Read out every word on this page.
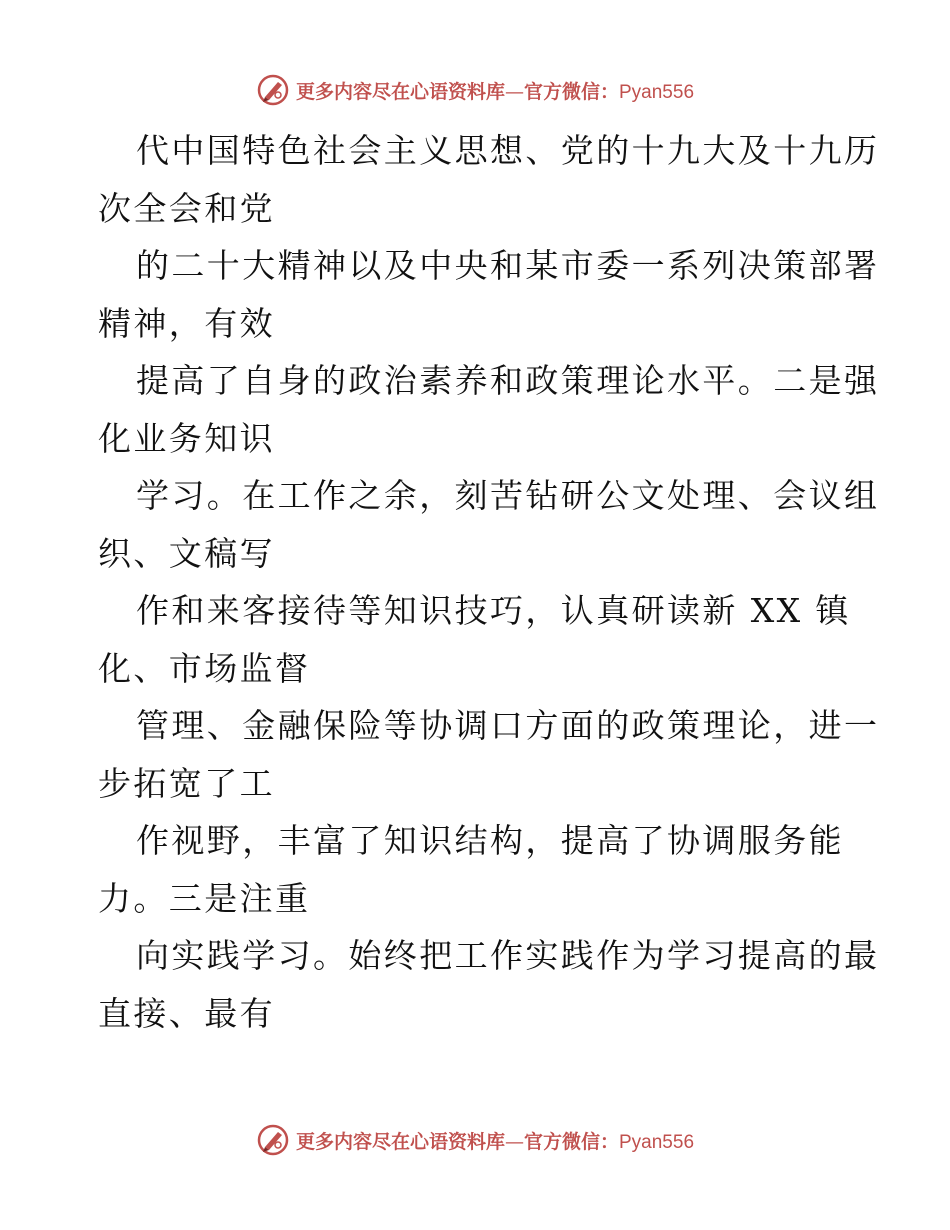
更多内容尽在心语资料库—官方微信：Pyan556
代中国特色社会主义思想、党的十九大及十九历
次全会和党
的二十大精神以及中央和某市委一系列决策部署
精神，有效
提高了自身的政治素养和政策理论水平。二是强
化业务知识
学习。在工作之余，刻苦钻研公文处理、会议组
织、文稿写
作和来客接待等知识技巧，认真研读新 XX 镇
化、市场监督
管理、金融保险等协调口方面的政策理论，进一
步拓宽了工
作视野，丰富了知识结构，提高了协调服务能
力。三是注重
向实践学习。始终把工作实践作为学习提高的最
直接、最有
更多内容尽在心语资料库—官方微信：Pyan556
